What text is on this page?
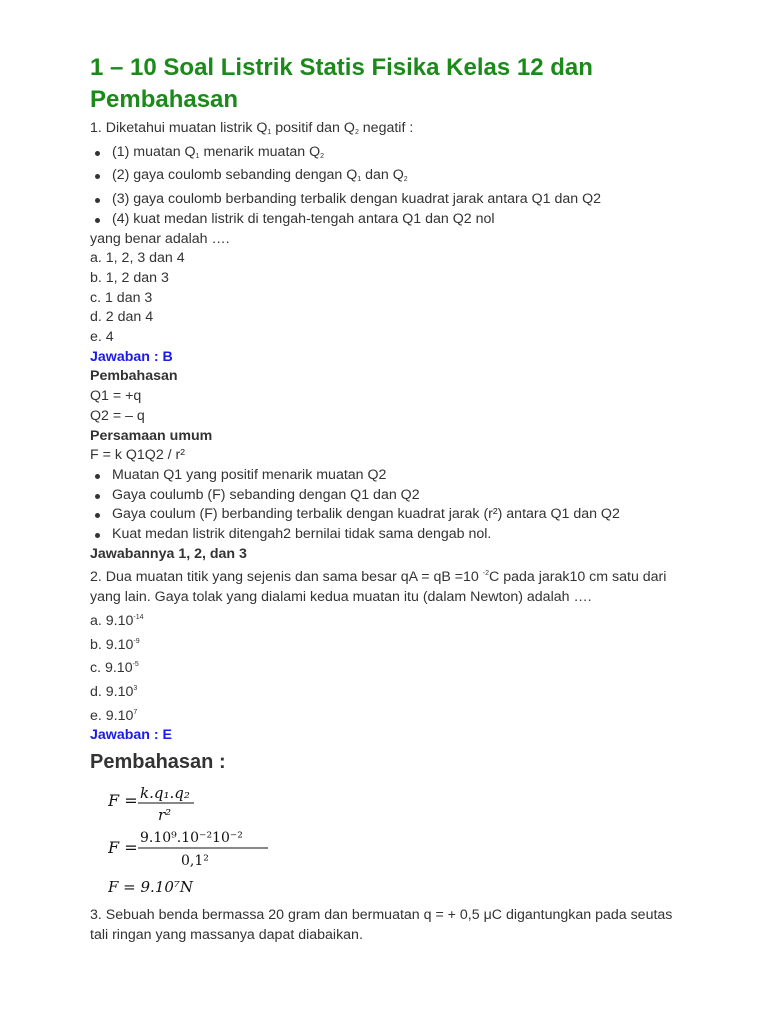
1 – 10 Soal Listrik Statis Fisika Kelas 12 dan Pembahasan

1. Diketahui muatan listrik Q1 positif dan Q2 negatif :

(1) muatan Q1 menarik muatan Q2
(2) gaya coulomb sebanding dengan Q1 dan Q2
(3) gaya coulomb berbanding terbalik dengan kuadrat jarak antara Q1 dan Q2
(4) kuat medan listrik di tengah-tengah antara Q1 dan Q2 nol

yang benar adalah ….

a. 1, 2, 3 dan 4

b. 1, 2 dan 3

c. 1 dan 3

d. 2 dan 4

e. 4

Jawaban : B

Pembahasan

Q1 = +q

Q2 = – q

Persamaan umum

F = k Q1Q2 / r²

Muatan Q1 yang positif menarik muatan Q2
Gaya coulumb (F) sebanding dengan Q1 dan Q2
Gaya coulum (F) berbanding terbalik dengan kuadrat jarak (r²) antara Q1 dan Q2
Kuat medan listrik ditengah2 bernilai tidak sama dengab nol.

Jawabannya 1, 2, dan 3

2. Dua muatan titik yang sejenis dan sama besar qA = qB =10 $^{-2}$C pada jarak10 cm satu dari yang lain. Gaya tolak yang dialami kedua muatan itu (dalam Newton) adalah ….

a. $9.10^{-14}$

b. $9.10^{-9}$

c. $9.10^{-5}$

d. 9.10$^3$

e. 9.10$^7$

Jawaban : E

Pembahasan :
F = k.q₁.q₂
r²
F = 9.10⁹.10⁻²10⁻²
0,1²
F = 9.10⁷N

3. Sebuah benda bermassa 20 gram dan bermuatan q = + 0,5 μC digantungkan pada seutas tali ringan yang massanya dapat diabaikan.
